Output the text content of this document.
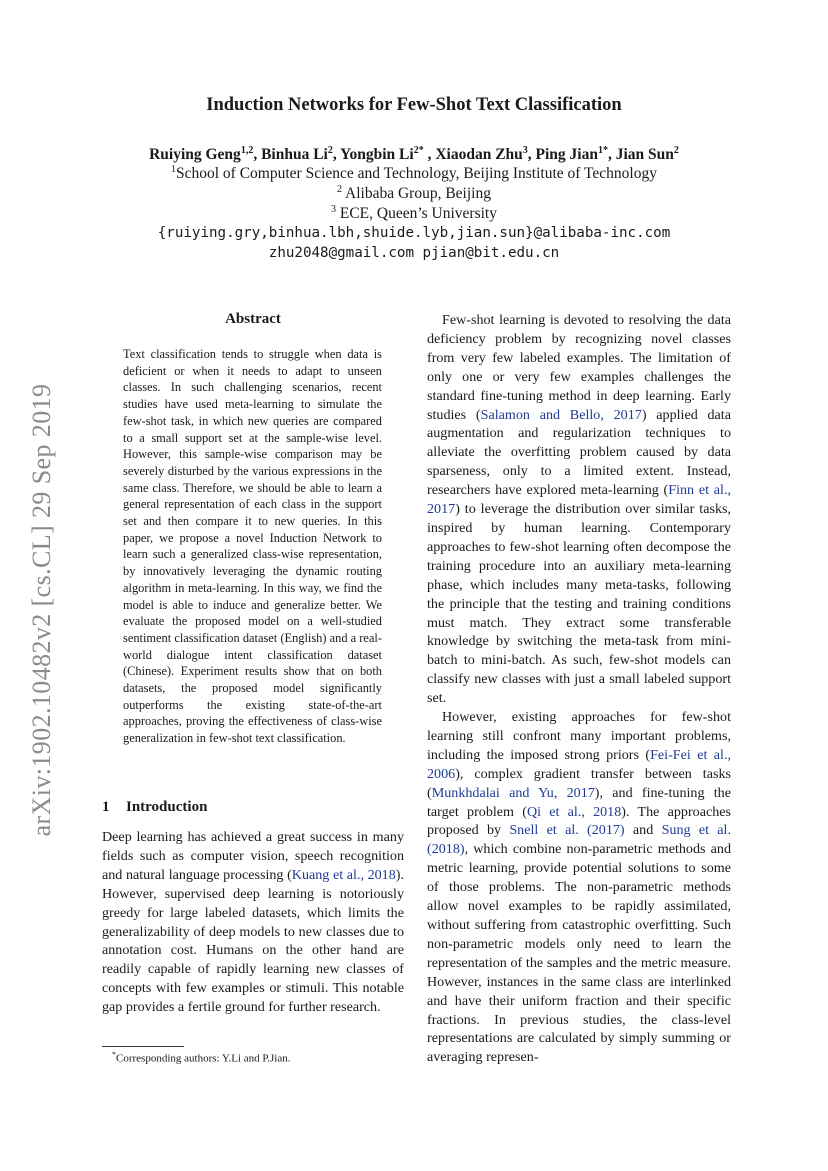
arXiv:1902.10482v2 [cs.CL] 29 Sep 2019
Induction Networks for Few-Shot Text Classification
Ruiying Geng$^{1,2}$, Binhua Li$^2$, Yongbin $Li^{2*}$ , Xiaodan Zhu$^3$, Ping Jian$^{1*}$, Jian Sun$^2$
$^1$School of Computer Science and Technology, Beijing Institute of Technology
$^2$ Alibaba Group, Beijing
$^3$ ECE, Queen’s University
{ruiying.gry,binhua.lbh,shuide.lyb,jian.sun}@alibaba-inc.com
zhu2048@gmail.com pjian@bit.edu.cn
Abstract
Text classification tends to struggle when data is deficient or when it needs to adapt to unseen classes. In such challenging scenarios, recent studies have used meta-learning to simulate the few-shot task, in which new queries are compared to a small support set at the sample-wise level. However, this sample-wise comparison may be severely disturbed by the various expressions in the same class. Therefore, we should be able to learn a general representation of each class in the support set and then compare it to new queries. In this paper, we propose a novel Induction Network to learn such a generalized class-wise representation, by innovatively leveraging the dynamic routing algorithm in meta-learning. In this way, we find the model is able to induce and generalize better. We evaluate the proposed model on a well-studied sentiment classification dataset (English) and a real-world dialogue intent classification dataset (Chinese). Experiment results show that on both datasets, the proposed model significantly outperforms the existing state-of-the-art approaches, proving the effectiveness of class-wise generalization in few-shot text classification.
1 Introduction
Deep learning has achieved a great success in many fields such as computer vision, speech recognition and natural language processing (Kuang et al., 2018). However, supervised deep learning is notoriously greedy for large labeled datasets, which limits the generalizability of deep models to new classes due to annotation cost. Humans on the other hand are readily capable of rapidly learning new classes of concepts with few examples or stimuli. This notable gap provides a fertile ground for further research.
*Corresponding authors: Y.Li and P.Jian.

Few-shot learning is devoted to resolving the data deficiency problem by recognizing novel classes from very few labeled examples. The limitation of only one or very few examples challenges the standard fine-tuning method in deep learning. Early studies (Salamon and Bello, 2017) applied data augmentation and regularization techniques to alleviate the overfitting problem caused by data sparseness, only to a limited extent. Instead, researchers have explored meta-learning (Finn et al., 2017) to leverage the distribution over similar tasks, inspired by human learning. Contemporary approaches to few-shot learning often decompose the training procedure into an auxiliary meta-learning phase, which includes many meta-tasks, following the principle that the testing and training conditions must match. They extract some transferable knowledge by switching the meta-task from mini-batch to mini-batch. As such, few-shot models can classify new classes with just a small labeled support set.

However, existing approaches for few-shot learning still confront many important problems, including the imposed strong priors (Fei-Fei et al., 2006), complex gradient transfer between tasks (Munkhdalai and Yu, 2017), and fine-tuning the target problem (Qi et al., 2018). The approaches proposed by Snell et al. (2017) and Sung et al. (2018), which combine non-parametric methods and metric learning, provide potential solutions to some of those problems. The non-parametric methods allow novel examples to be rapidly assimilated, without suffering from catastrophic overfitting. Such non-parametric models only need to learn the representation of the samples and the metric measure. However, instances in the same class are interlinked and have their uniform fraction and their specific fractions. In previous studies, the class-level representations are calculated by simply summing or averaging represen-
